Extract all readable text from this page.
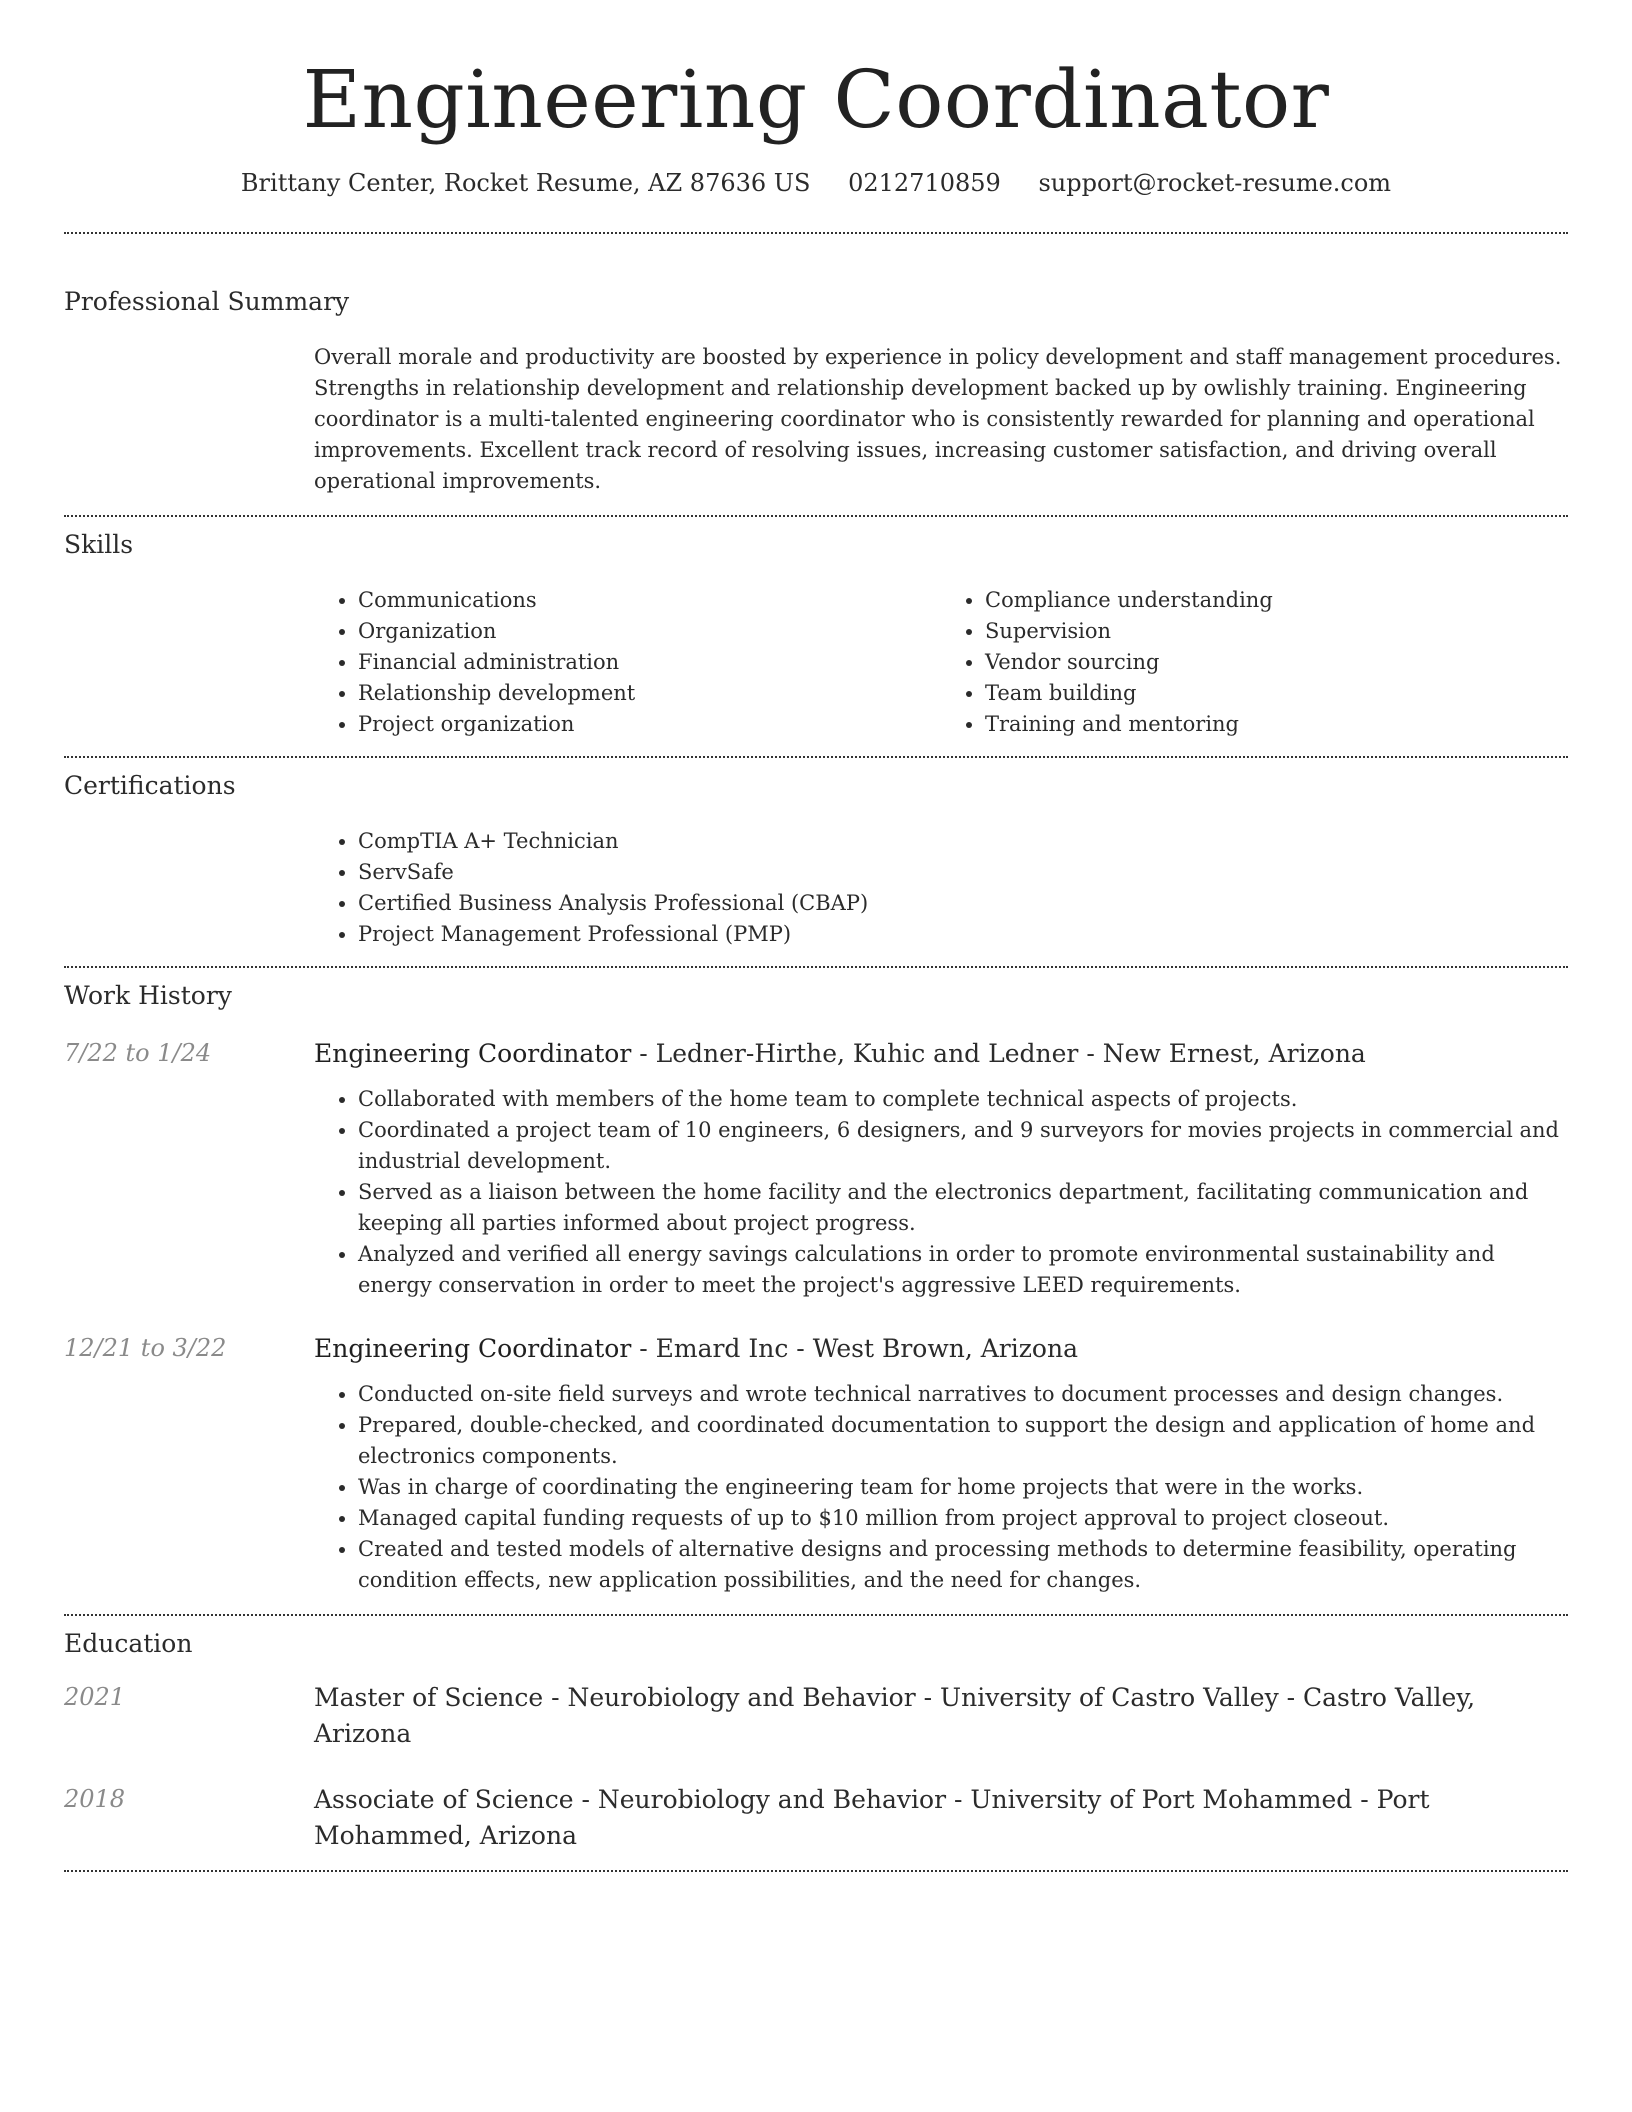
Engineering Coordinator
Brittany Center, Rocket Resume, AZ 87636 US 0212710859 support@rocket-resume.com
Professional Summary

Overall morale and productivity are boosted by experience in policy development and staff management procedures. Strengths in relationship development and relationship development backed up by owlishly training. Engineering coordinator is a multi-talented engineering coordinator who is consistently rewarded for planning and operational improvements. Excellent track record of resolving issues, increasing customer satisfaction, and driving overall operational improvements.

Skills
• Communications
• Organization
• Financial administration
• Relationship development
• Project organization
• Compliance understanding
• Supervision
• Vendor sourcing
• Team building
• Training and mentoring
Certifications
• CompTIA A+ Technician
• ServSafe
• Certified Business Analysis Professional (CBAP)
• Project Management Professional (PMP)
Work History
7/22 to 1/24	Engineering Coordinator - Ledner-Hirthe, Kuhic and Ledner - New Ernest, Arizona

• Collaborated with members of the home team to complete technical aspects of projects.
• Coordinated a project team of 10 engineers, 6 designers, and 9 surveyors for movies projects in commercial and industrial development.
• Served as a liaison between the home facility and the electronics department, facilitating communication and keeping all parties informed about project progress.
• Analyzed and verified all energy savings calculations in order to promote environmental sustainability and energy conservation in order to meet the project's aggressive LEED requirements.
12/21 to 3/22	Engineering Coordinator - Emard Inc - West Brown, Arizona

• Conducted on-site field surveys and wrote technical narratives to document processes and design changes.
• Prepared, double-checked, and coordinated documentation to support the design and application of home and electronics components.
• Was in charge of coordinating the engineering team for home projects that were in the works.
• Managed capital funding requests of up to $10 million from project approval to project closeout.
• Created and tested models of alternative designs and processing methods to determine feasibility, operating condition effects, new application possibilities, and the need for changes.
Education
2021	Master of Science - Neurobiology and Behavior - University of Castro Valley - Castro Valley, Arizona

2018	Associate of Science - Neurobiology and Behavior - University of Port Mohammed - Port Mohammed, Arizona
